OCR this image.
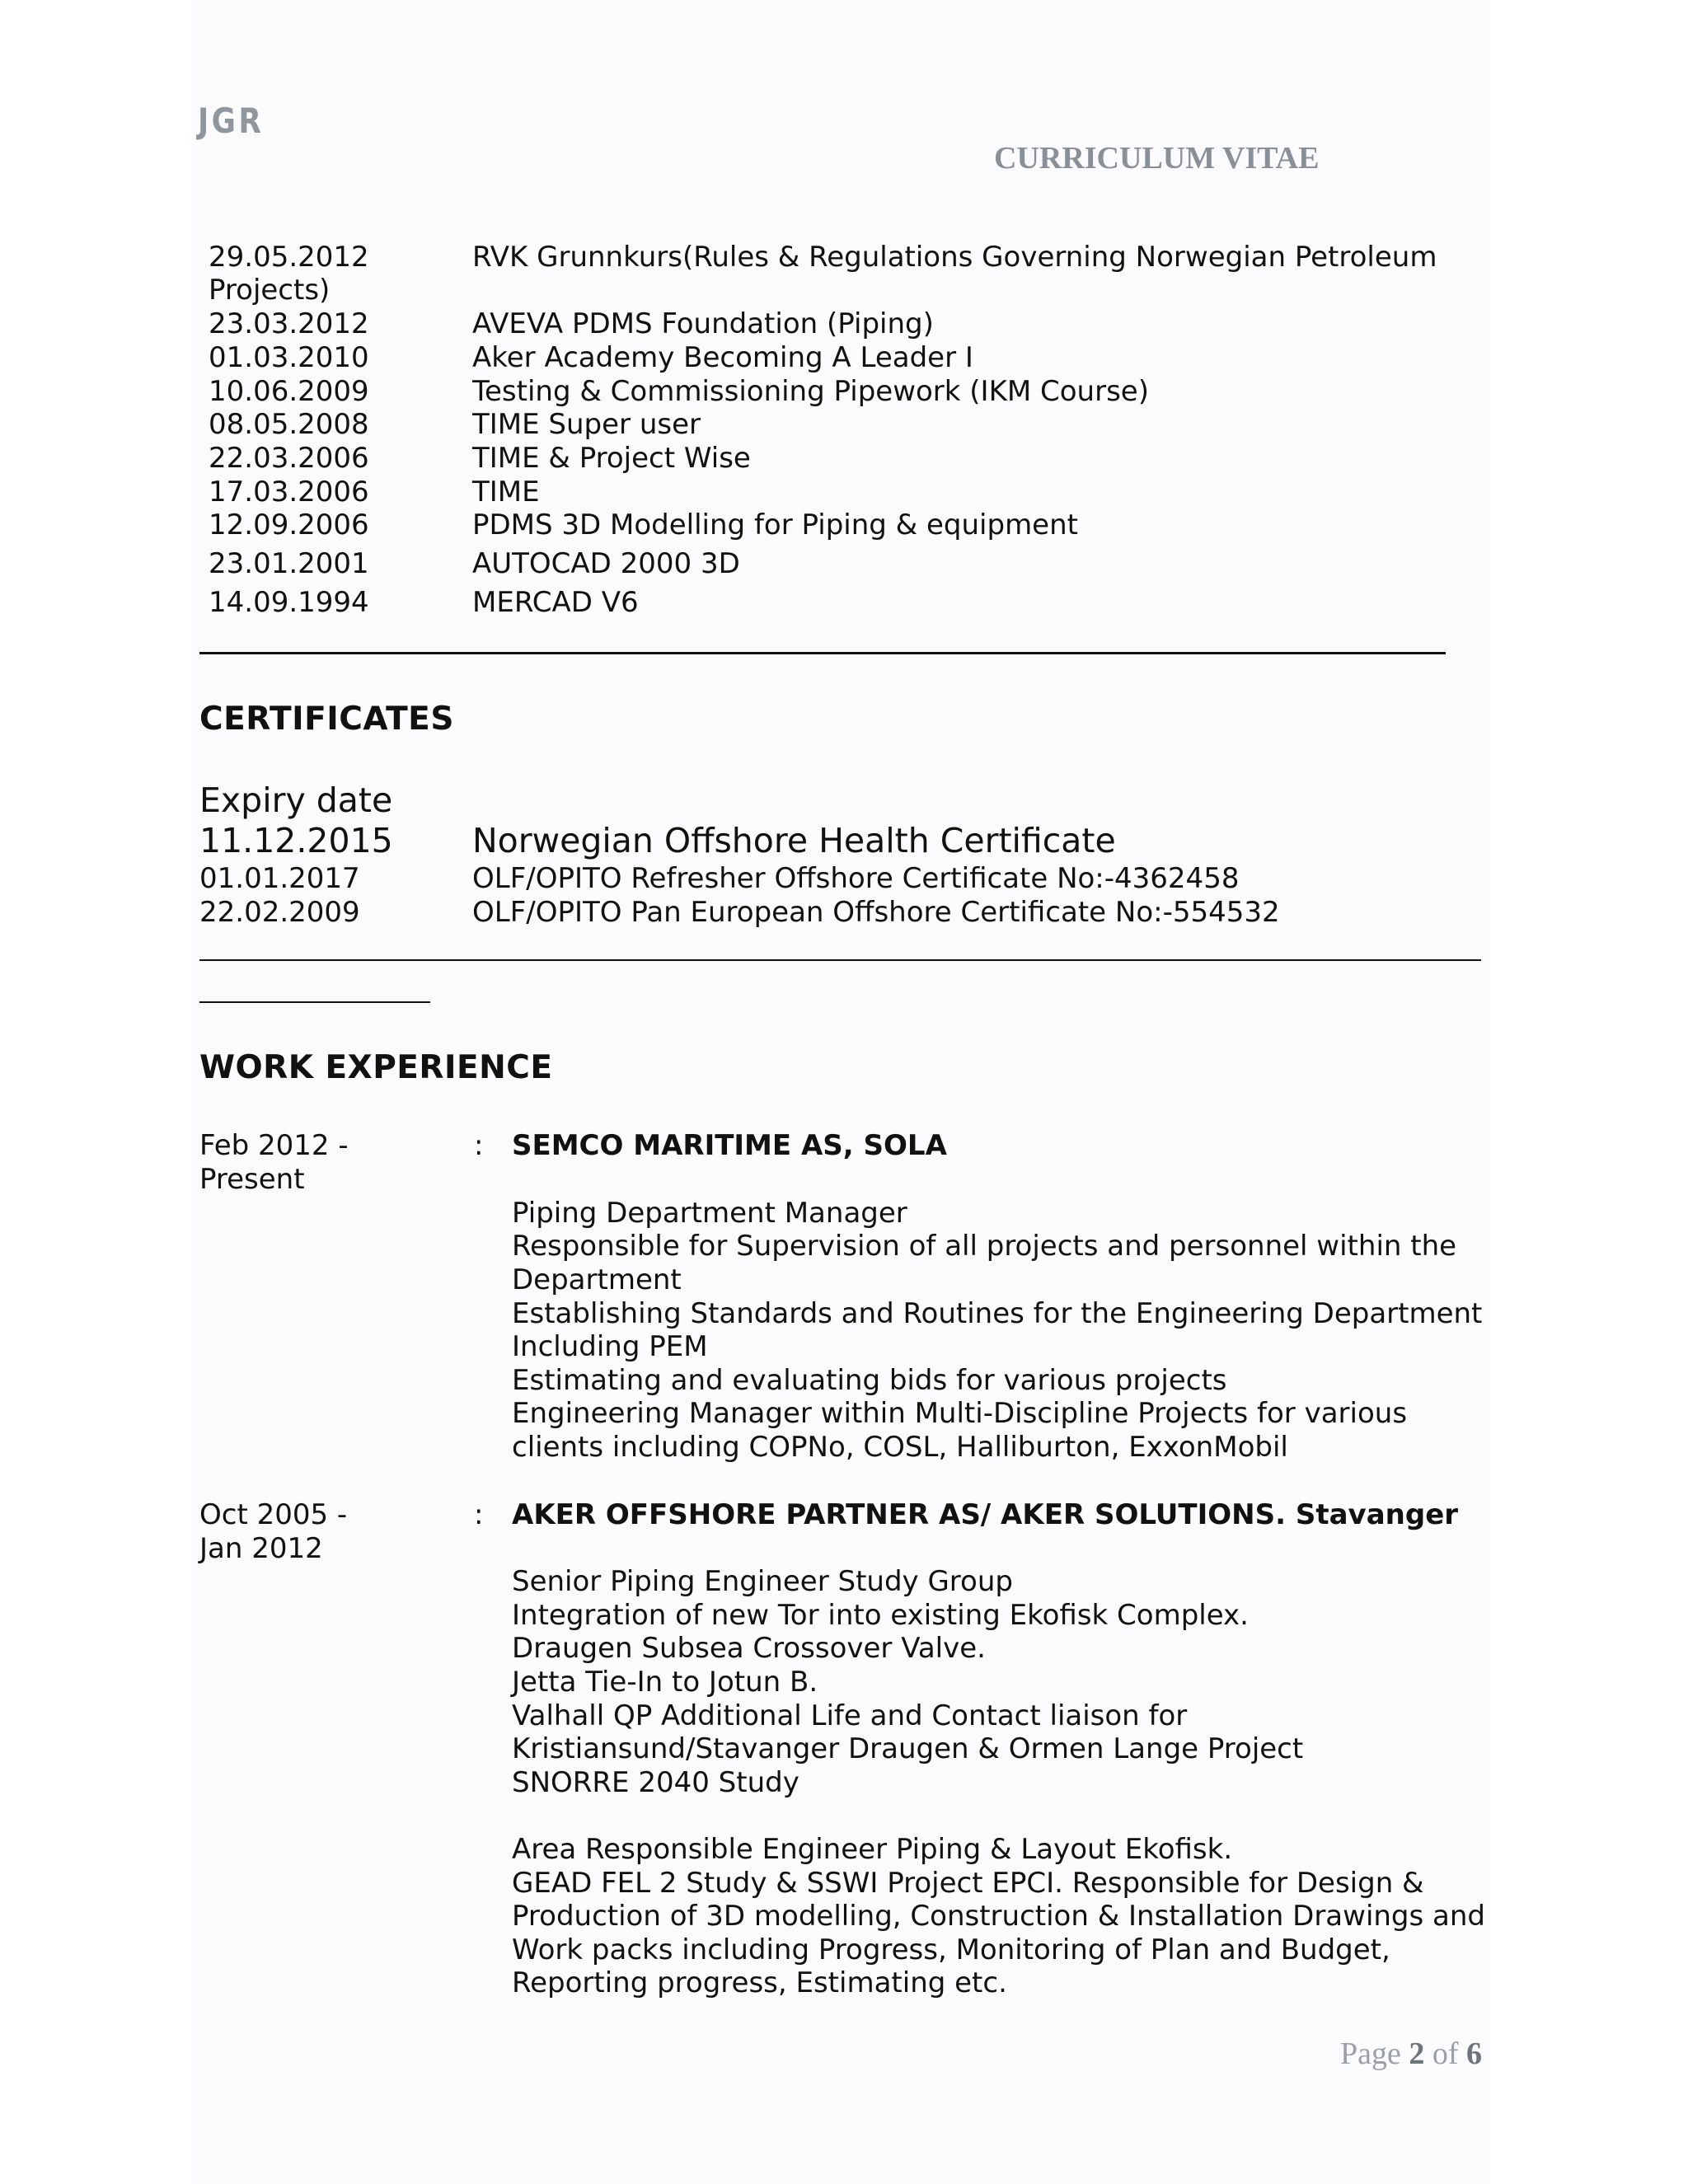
JGR
CURRICULUM VITAE
29.05.2012	RVK Grunnkurs(Rules & Regulations Governing Norwegian Petroleum
Projects)
23.03.2012	AVEVA PDMS Foundation (Piping)
01.03.2010	Aker Academy Becoming A Leader I
10.06.2009	Testing & Commissioning Pipework (IKM Course)
08.05.2008	TIME Super user
22.03.2006	TIME & Project Wise
17.03.2006	TIME
12.09.2006	PDMS 3D Modelling for Piping & equipment
23.01.2001	AUTOCAD 2000 3D
14.09.1994	MERCAD V6
CERTIFICATES
Expiry date
11.12.2015 Norwegian Offshore Health Certificate
01.01.2017	OLF/OPITO Refresher Offshore Certificate No:-4362458
22.02.2009	OLF/OPITO Pan European Offshore Certificate No:-554532
WORK EXPERIENCE
Feb 2012 -
Present
: SEMCO MARITIME AS, SOLA
Piping Department Manager
Responsible for Supervision of all projects and personnel within the
Department
Establishing Standards and Routines for the Engineering Department
Including PEM
Estimating and evaluating bids for various projects
Engineering Manager within Multi-Discipline Projects for various
clients including COPNo, COSL, Halliburton, ExxonMobil
Oct 2005 -
Jan 2012
: AKER OFFSHORE PARTNER AS/ AKER SOLUTIONS. Stavanger
Senior Piping Engineer Study Group
Integration of new Tor into existing Ekofisk Complex.
Draugen Subsea Crossover Valve.
Jetta Tie-In to Jotun B.
Valhall QP Additional Life and Contact liaison for
Kristiansund/Stavanger Draugen & Ormen Lange Project
SNORRE 2040 Study
Area Responsible Engineer Piping & Layout Ekofisk.
GEAD FEL 2 Study & SSWI Project EPCI. Responsible for Design &
Production of 3D modelling, Construction & Installation Drawings and
Work packs including Progress, Monitoring of Plan and Budget,
Reporting progress, Estimating etc.
Page 2 of 6
